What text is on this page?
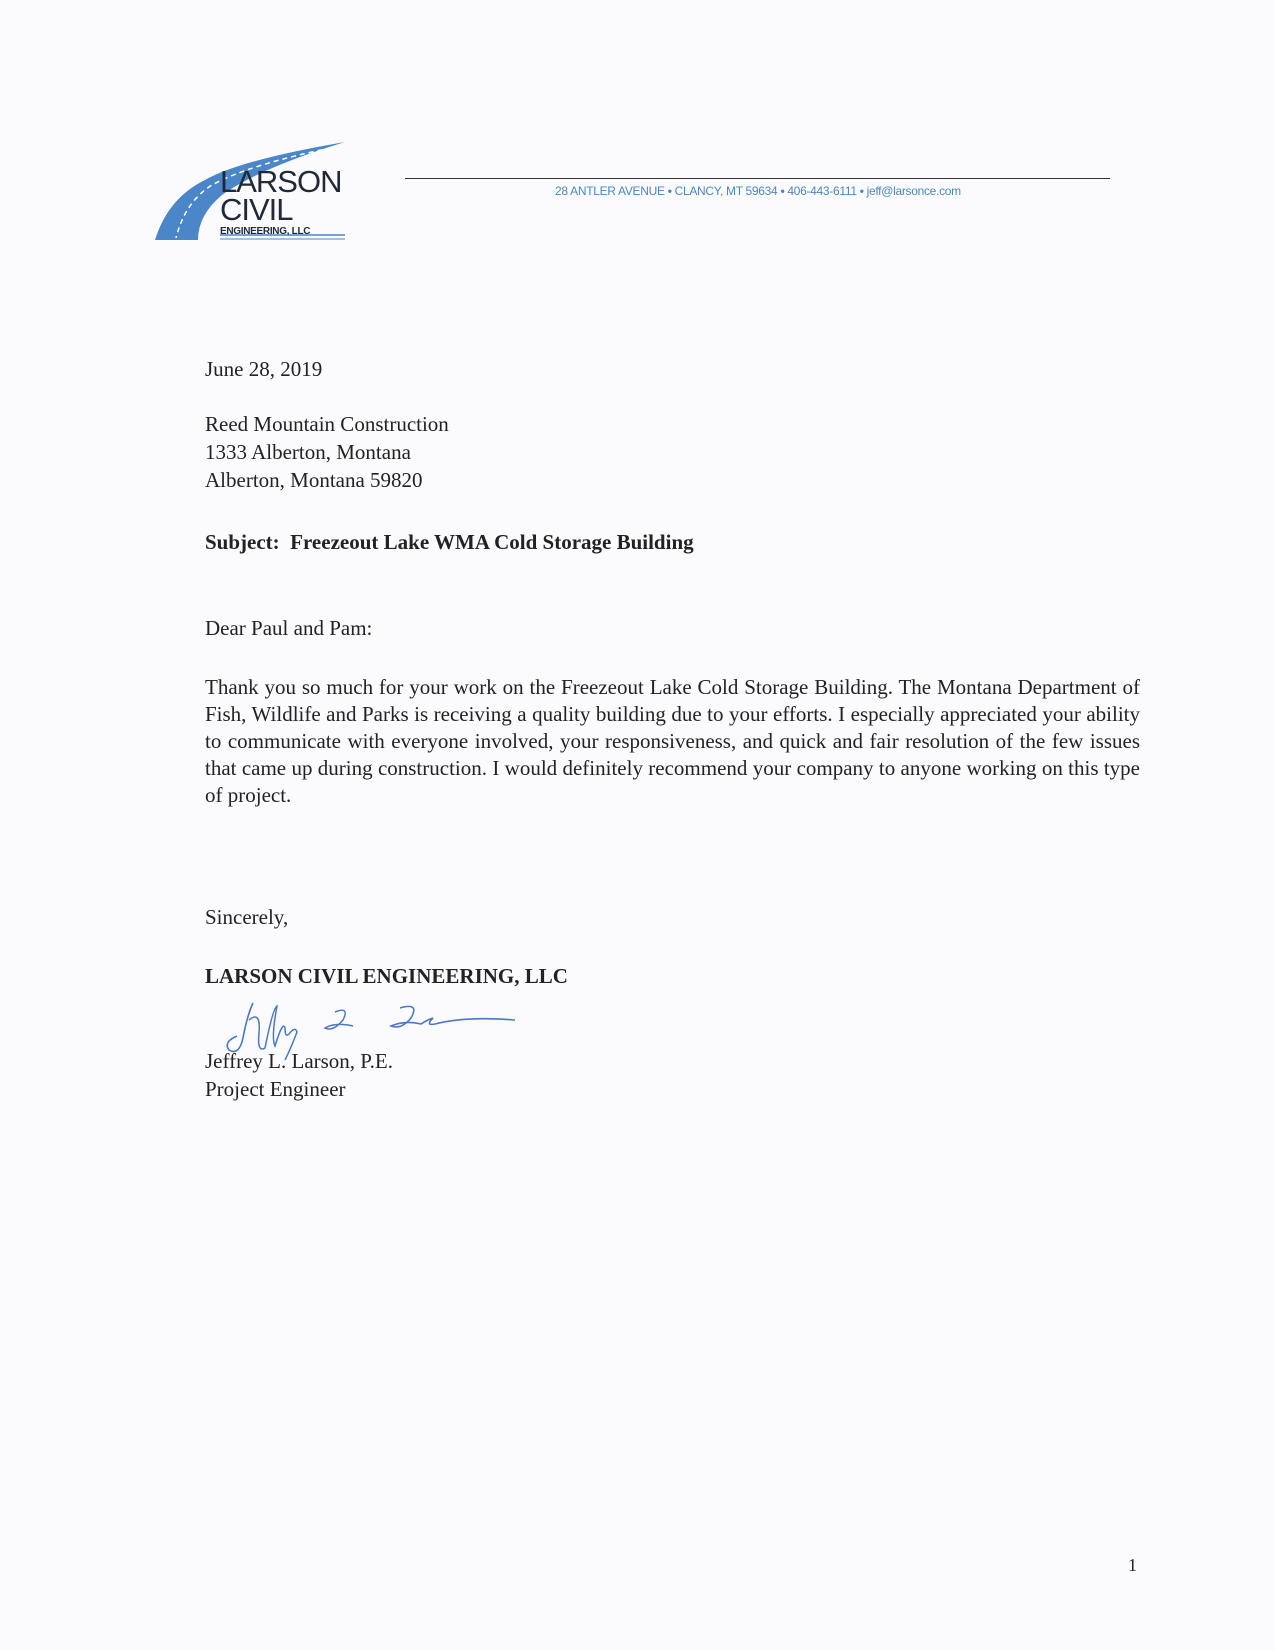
LARSON
CIVIL
ENGINEERING, LLC
28 ANTLER AVENUE • CLANCY, MT 59634 • 406-443-6111 • jeff@larsonce.com
June 28, 2019
Reed Mountain Construction
1333 Alberton, Montana
Alberton, Montana 59820
Subject:  Freezeout Lake WMA Cold Storage Building
Dear Paul and Pam:
Thank you so much for your work on the Freezeout Lake Cold Storage Building. The Montana Department of Fish, Wildlife and Parks is receiving a quality building due to your efforts. I especially appreciated your ability to communicate with everyone involved, your responsiveness, and quick and fair resolution of the few issues that came up during construction. I would definitely recommend your company to anyone working on this type of project.
Sincerely,
LARSON CIVIL ENGINEERING, LLC
Jeffrey L. Larson, P.E.
Project Engineer
1
